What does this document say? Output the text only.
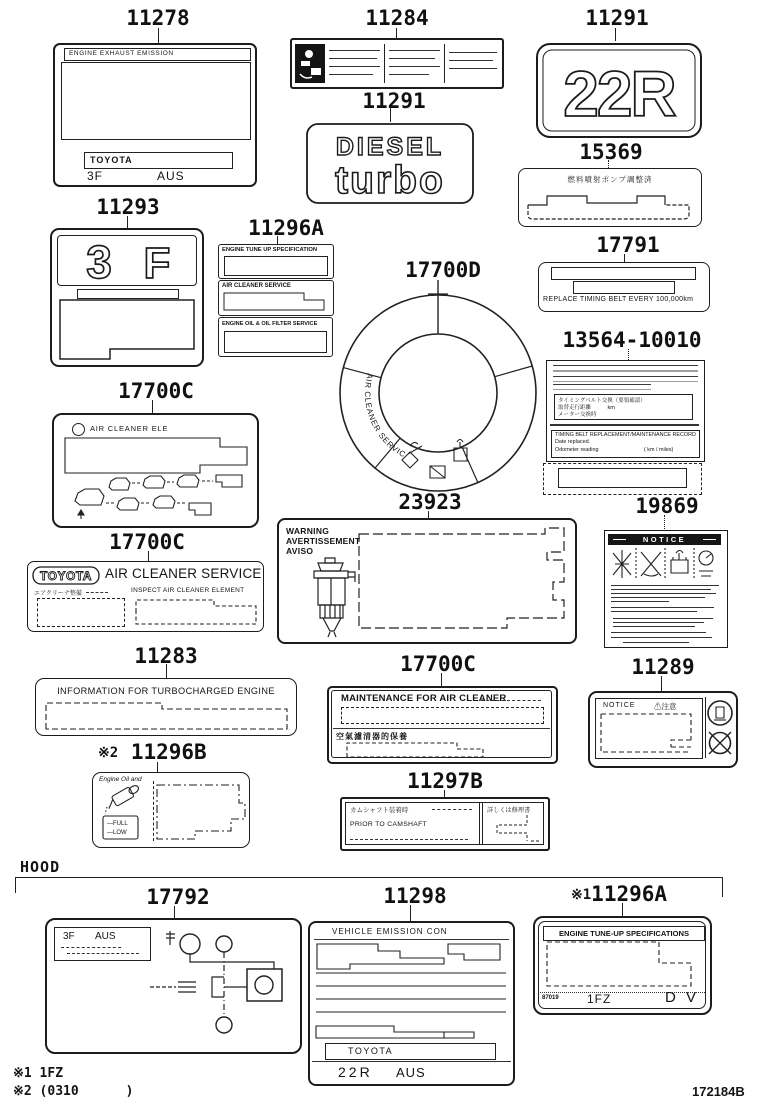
11278
ENGINE EXHAUST EMISSION
TOYOTA
3F	AUS
11284	11291
22R
11291
DIESEL
turbo
15369
燃料噴射ポンプ調整済
11293
3 F
11296A
ENGINE TUNE UP SPECIFICATION
AIR CLEANER SERVICE
ENGINE OIL & OIL FILTER SERVICE
17700D
AIR CLEANER SERVICE
17791
REPLACE TIMING BELT EVERY 100,000km
13564-10010
タイミングベルト交換（要領確認）
取替走行距離　　　km
メーター交換時
TIMING BELT REPLACEMENT/MAINTENANCE RECORD
Date replaced.
Odometer reading	( km / miles)
17700C
AIR CLEANER ELE
23923
WARNING
AVERTISSEMENT
AVISO
19869
NOTICE
17700C
TOYOTA AIR CLEANER SERVICE
エアクリーナ整備	INSPECT AIR CLEANER ELEMENT
11283
INFORMATION FOR TURBOCHARGED ENGINE
17700C
MAINTENANCE FOR AIR CLEANER
空氣濾清器的保養
11289
NOTICE ⚠注意
※2 11296B
Engine Oil and
—FULL
—LOW
11297B
カムシャフト装着時
PRIOR TO CAMSHAFT
詳しくは修理書
HOOD
17792
3F AUS
11298
VEHICLE EMISSION CON
TOYOTA
22R AUS
※111296A
ENGINE TUNE-UP SPECIFICATIONS
87019 1FZ	D V
※1 1FZ
※2 (0310      )	172184B
